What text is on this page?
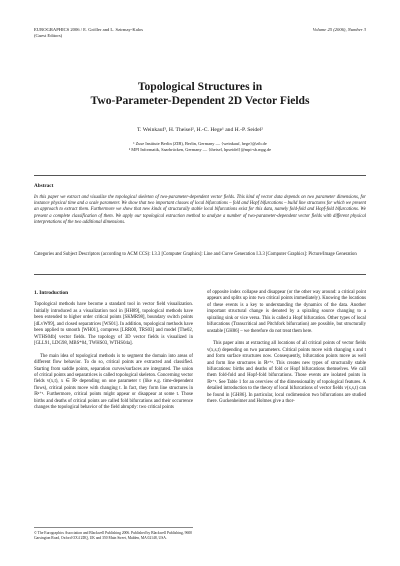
EUROGRAPHICS 2006 / E. Gröller and L. Szirmay-Kalos
(Guest Editors)
Volume 25 (2006), Number 3
Topological Structures in
Two-Parameter-Dependent 2D Vector Fields
T. Weinkauf¹, H. Theisel², H.-C. Hege¹ and H.-P. Seidel²
¹ Zuse Institute Berlin (ZIB), Berlin, Germany — {weinkauf, hege}@zib.de
² MPI Informatik, Saarbrücken, Germany — {theisel, hpseidel}@mpi-sb.mpg.de
Abstract
In this paper we extract and visualize the topological skeleton of two-parameter-dependent vector fields. This kind of vector data depends on two parameter dimensions, for instance physical time and a scale parameter. We show that two important classes of local bifurcations – fold and Hopf bifurcations – build line structures for which we present an approach to extract them. Furthermore we show that new kinds of structurally stable local bifurcations exist for this data, namely fold-fold and Hopf-fold bifurcations. We present a complete classification of them. We apply our topological extraction method to analyze a number of two-parameter-dependent vector fields with different physical interpretations of the two additional dimensions.
Categories and Subject Descriptors (according to ACM CCS): I.3.3 [Computer Graphics]: Line and Curve Generation I.3.3 [Computer Graphics]: Picture/Image Generation
1. Introduction

Topological methods have become a standard tool in vector field visualization. Initially introduced as a visualization tool in [HH89], topological methods have been extended to higher order critical points [SKMR98], boundary switch points [dLvW99], and closed separatrices [WS01]. In addition, topological methods have been applied to smooth [WH01], compress [LRR00, TRS03] and model [The02, WTHS04b] vector fields. The topology of 3D vector fields is visualized in [GLL91, LDG98, MBS*04, TWHS03, WTHS04a].

The main idea of topological methods is to segment the domain into areas of different flow behavior. To do so, critical points are extracted and classified. Starting from saddle points, separation curves/surfaces are integrated. The union of critical points and separatrices is called topological skeleton. Concerning vector fields v(x,t), x ∈ ℝⁿ depending on one parameter t (like e.g. time-dependent flows), critical points move with changing t. In fact, they form line structures in ℝⁿ⁺¹. Furthermore, critical points might appear or disappear at some t. Those births and deaths of critical points are called fold bifurcations and their occurrence changes the topological behavior of the field abruptly: two critical points

of opposite index collapse and disappear (or the other way around: a critical point appears and splits up into two critical points immediately). Knowing the locations of these events is a key to understanding the dynamics of the data. Another important structural change is denoted by a spiraling source changing to a spiraling sink or vice versa. This is called a Hopf bifurcation. Other types of local bifurcations (Transcritical and Pitchfork bifurcation) are possible, but structurally unstable [GH86] – we therefore do not treat them here.

This paper aims at extracting all locations of all critical points of vector fields v(x,s,t) depending on two parameters. Critical points move with changing s and t and form surface structures now. Consequently, bifurcation points move as well and form line structures in ℝ²⁺². This creates new types of structurally stable bifurcations: births and deaths of fold or Hopf bifurcations themselves. We call them fold-fold and Hopf-fold bifurcations. Those events are isolated points in ℝ²⁺². See Table 1 for an overview of the dimensionality of topological features. A detailed introduction to the theory of local bifurcations of vector fields v(x,s,t) can be found in [GH86]. In particular, local codimension two bifurcations are studied there. Guckenheimer and Holmes give a thor-

© The Eurographics Association and Blackwell Publishing 2006. Published by Blackwell Publishing, 9600 Garsington Road, Oxford OX4 2DQ, UK and 350 Main Street, Malden, MA 02148, USA.
